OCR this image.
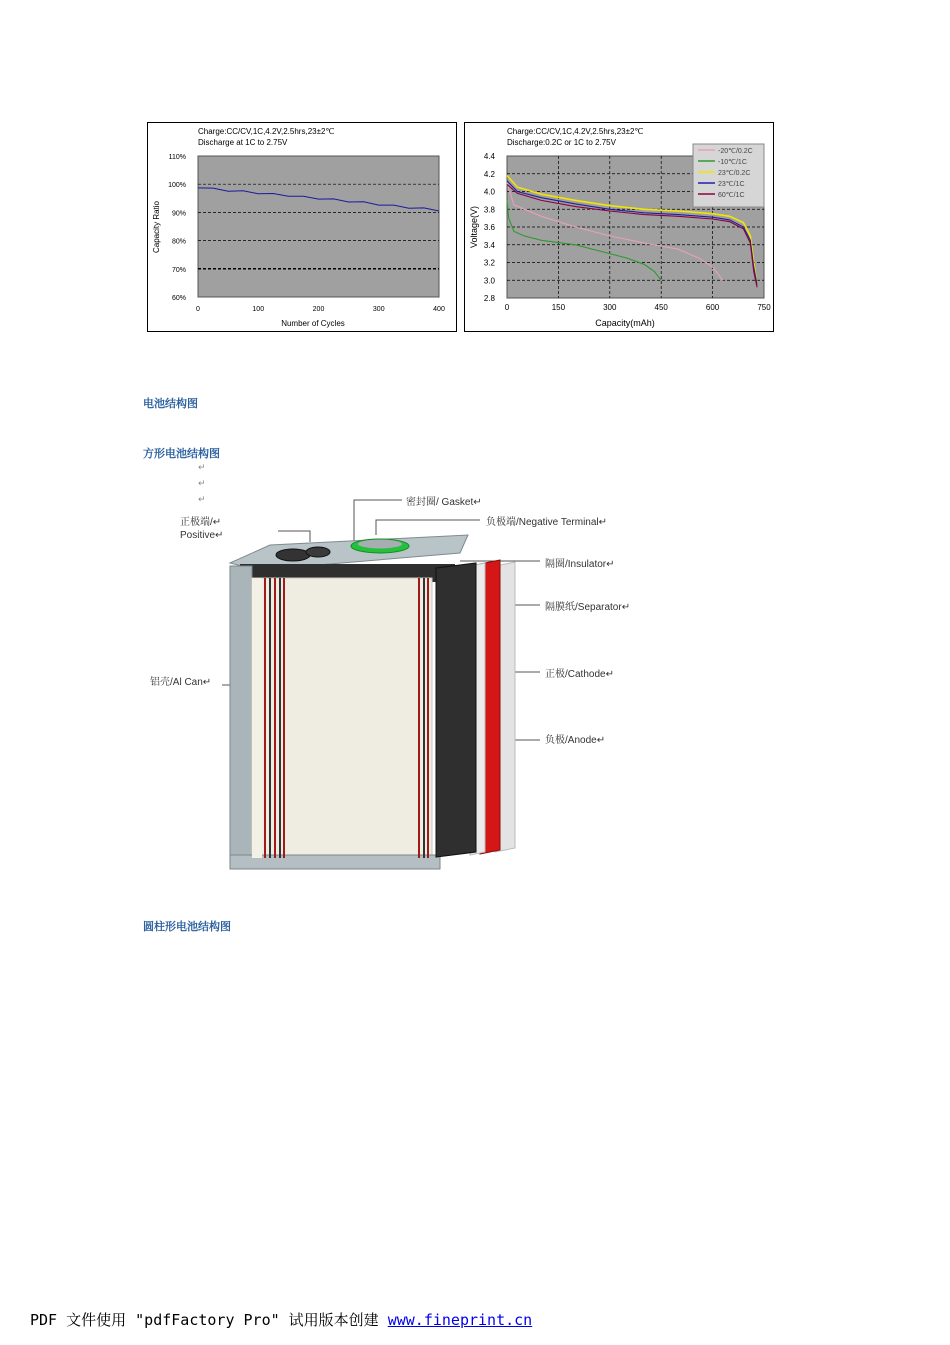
Charge:CC/CV,1C,4.2V,2.5hrs,23±2℃
Discharge at 1C to 2.75V
110%
100%
90%
80%
70%
60%
0	100	200	300	400
Number of Cycles
Capacity Ratio
Charge:CC/CV,1C,4.2V,2.5hrs,23±2℃
Discharge:0.2C or 1C to 2.75V
4.4
4.2
4.0
3.8
3.6
3.4
3.2
3.0
2.8
0	150	300	450	600	750
-20℃/0.2C
-10℃/1C
23℃/0.2C
23℃/1C
60℃/1C
Capacity(mAh)
Voltage(V)
电池结构图
方形电池结构图
↵
↵
↵	密封圈/ Gasket↵
负极端/Negative Terminal↵
正极端/↵
Positive↵
隔圈/Insulator↵
隔膜纸/Separator↵
正极/Cathode↵
铝壳/Al Can↵
负极/Anode↵
圆柱形电池结构图
PDF 文件使用 "pdfFactory Pro" 试用版本创建 www.fineprint.cn
